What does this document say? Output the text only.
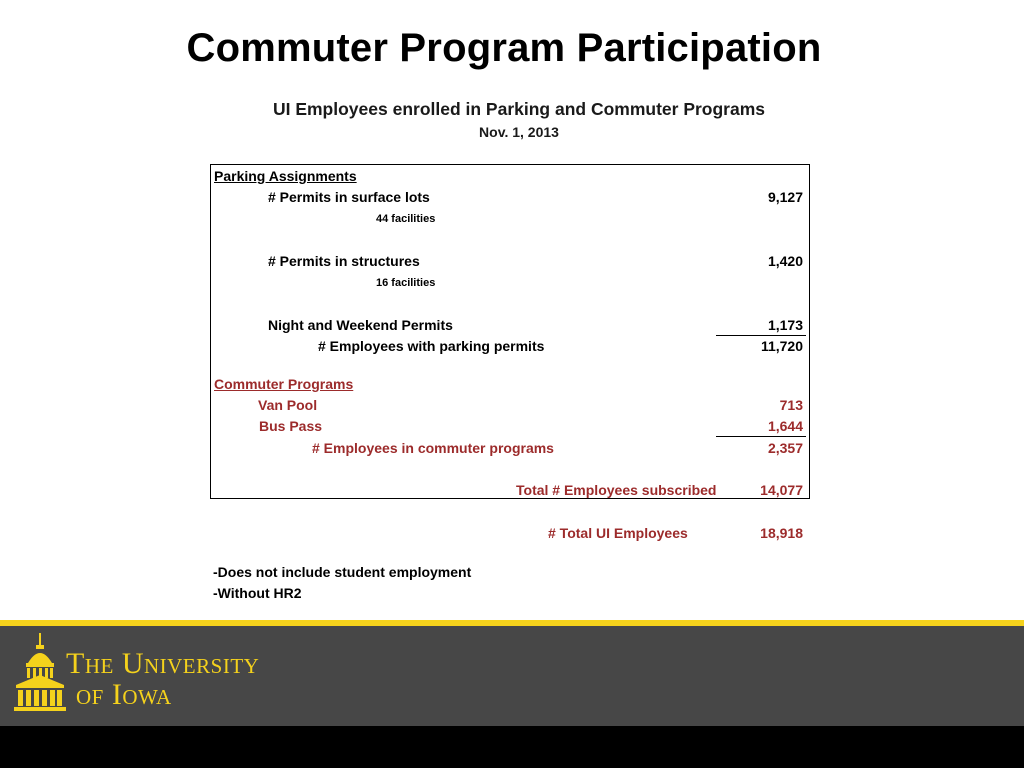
Commuter Program Participation
UI Employees enrolled in Parking and Commuter Programs
Nov. 1, 2013
Parking Assignments
# Permits in surface lots	9,127
44 facilities
# Permits in structures	1,420
16 facilities
Night and Weekend Permits	1,173
# Employees with parking permits	11,720
Commuter Programs
Van Pool	713
Bus Pass	1,644
# Employees in commuter programs	2,357
Total # Employees subscribed	14,077
# Total UI Employees	18,918
-Does not include student employment
-Without HR2
The University
of Iowa
